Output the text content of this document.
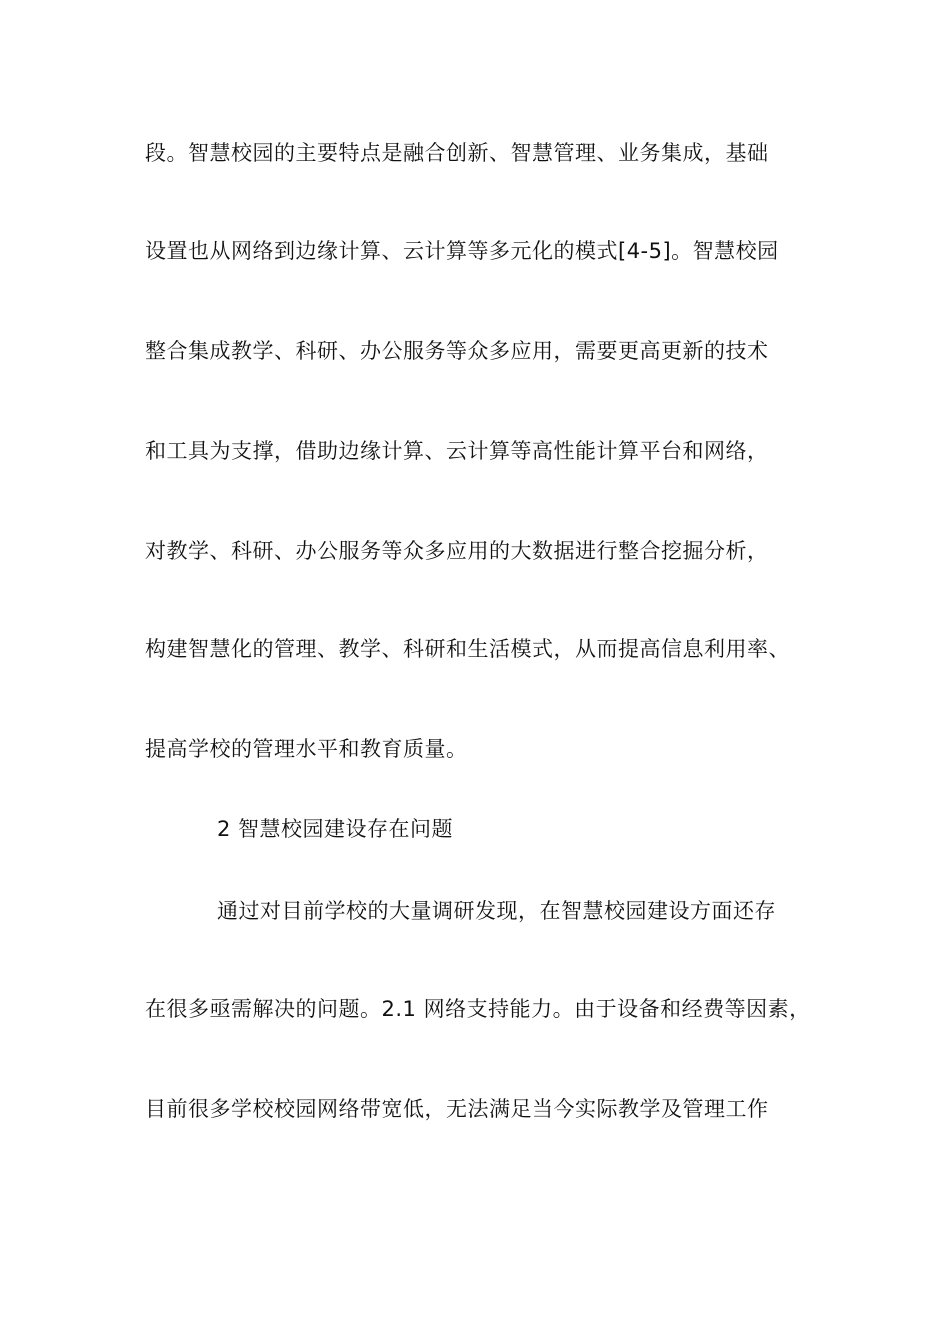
段。智慧校园的主要特点是融合创新、智慧管理、业务集成，基础
设置也从网络到边缘计算、云计算等多元化的模式[4-5]。智慧校园
整合集成教学、科研、办公服务等众多应用，需要更高更新的技术
和工具为支撑，借助边缘计算、云计算等高性能计算平台和网络，
对教学、科研、办公服务等众多应用的大数据进行整合挖掘分析，
构建智慧化的管理、教学、科研和生活模式，从而提高信息利用率、
提高学校的管理水平和教育质量。
2 智慧校园建设存在问题
通过对目前学校的大量调研发现，在智慧校园建设方面还存
在很多亟需解决的问题。2.1 网络支持能力。由于设备和经费等因素，
目前很多学校校园网络带宽低，无法满足当今实际教学及管理工作
